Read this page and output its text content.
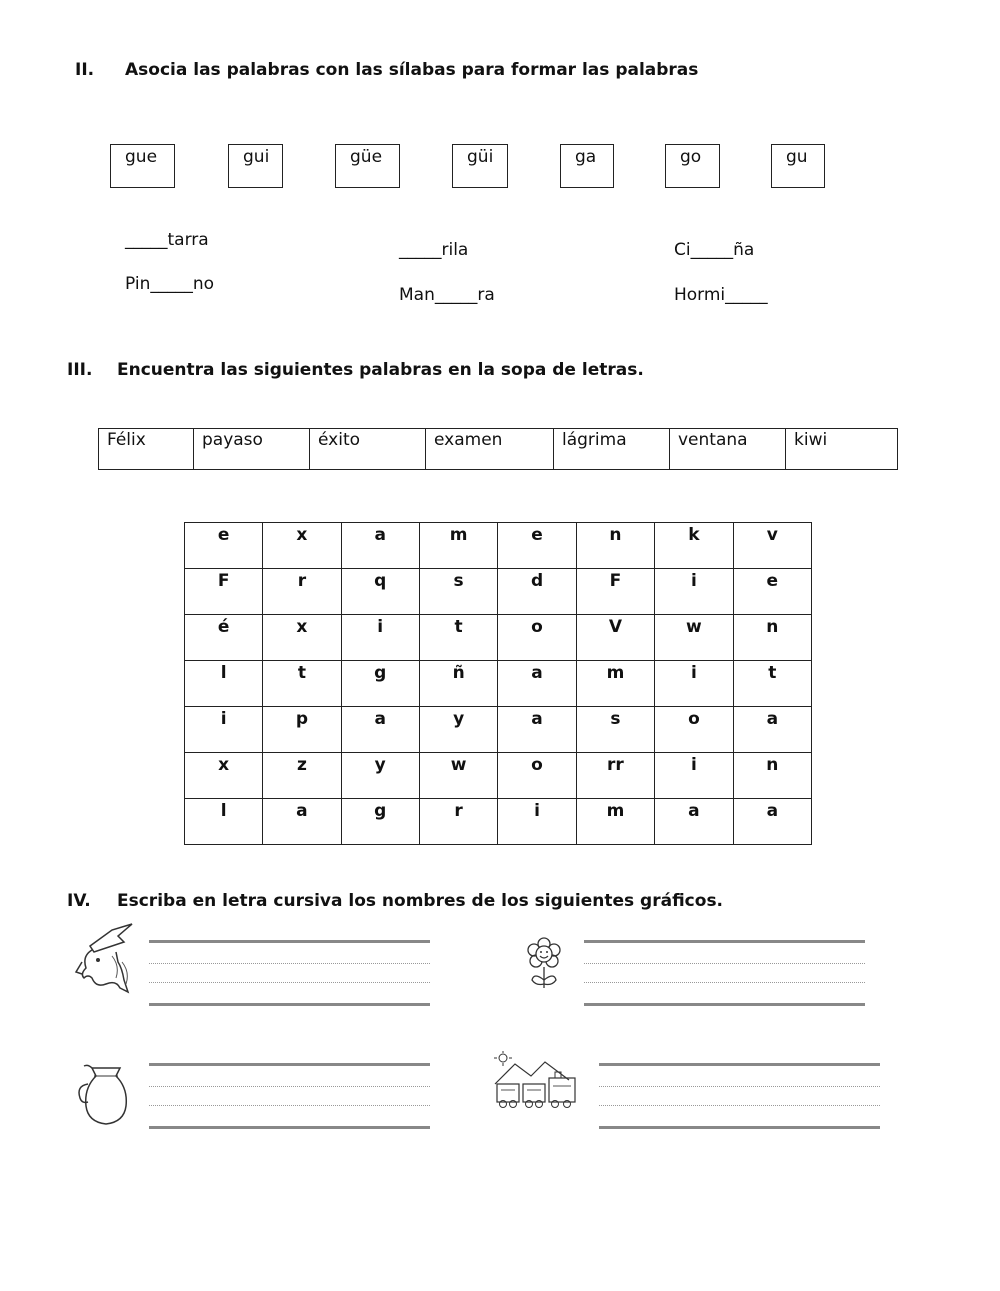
II. Asocia las palabras con las sílabas para formar las palabras
gue	gui	güe	güi	ga	go	gu
_____tarra
Pin_____no
_____rila
Man_____ra
Ci_____ña
Hormi_____
III. Encuentra las siguientes palabras en la sopa de letras.
Félix	payaso	éxito	examen	lágrima	ventana	kiwi
e	x	a	m	e	n	k	v
F	r	q	s	d	F	i	e
é	x	i	t	o	V	w	n
l	t	g	ñ	a	m	i	t
i	p	a	y	a	s	o	a
x	z	y	w	o	rr	i	n
l	a	g	r	i	m	a	a
IV. Escriba en letra cursiva los nombres de los siguientes gráficos.
